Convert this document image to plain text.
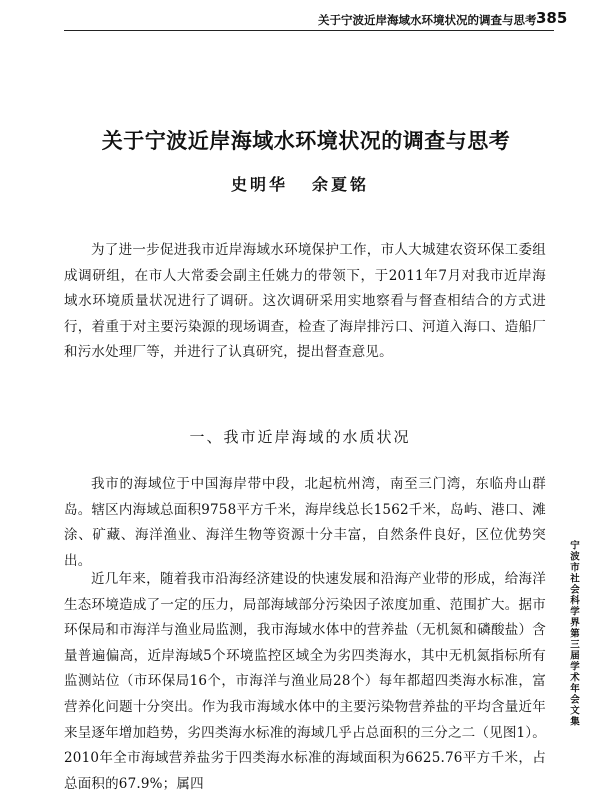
关于宁波近岸海域水环境状况的调查与思考 385
关于宁波近岸海域水环境状况的调查与思考
史明华 余夏铭
为了进一步促进我市近岸海域水环境保护工作，市人大城建农资环保工委组成调研组，在市人大常委会副主任姚力的带领下，于2011年7月对我市近岸海域水环境质量状况进行了调研。这次调研采用实地察看与督查相结合的方式进行，着重于对主要污染源的现场调查，检查了海岸排污口、河道入海口、造船厂和污水处理厂等，并进行了认真研究，提出督查意见。
一、我市近岸海域的水质状况
我市的海域位于中国海岸带中段，北起杭州湾，南至三门湾，东临舟山群岛。辖区内海域总面积9758平方千米，海岸线总长1562千米，岛屿、港口、滩涂、矿藏、海洋渔业、海洋生物等资源十分丰富，自然条件良好，区位优势突出。
近几年来，随着我市沿海经济建设的快速发展和沿海产业带的形成，给海洋生态环境造成了一定的压力，局部海域部分污染因子浓度加重、范围扩大。据市环保局和市海洋与渔业局监测，我市海域水体中的营养盐（无机氮和磷酸盐）含量普遍偏高，近岸海域5个环境监控区域全为劣四类海水，其中无机氮指标所有监测站位（市环保局16个，市海洋与渔业局28个）每年都超四类海水标准，富营养化问题十分突出。作为我市海域水体中的主要污染物营养盐的平均含量近年来呈逐年增加趋势，劣四类海水标准的海域几乎占总面积的三分之二（见图1）。2010年全市海域营养盐劣于四类海水标准的海域面积为6625.76平方千米，占总面积的67.9%；属四
宁波市社会科学界第三届学术年会文集
